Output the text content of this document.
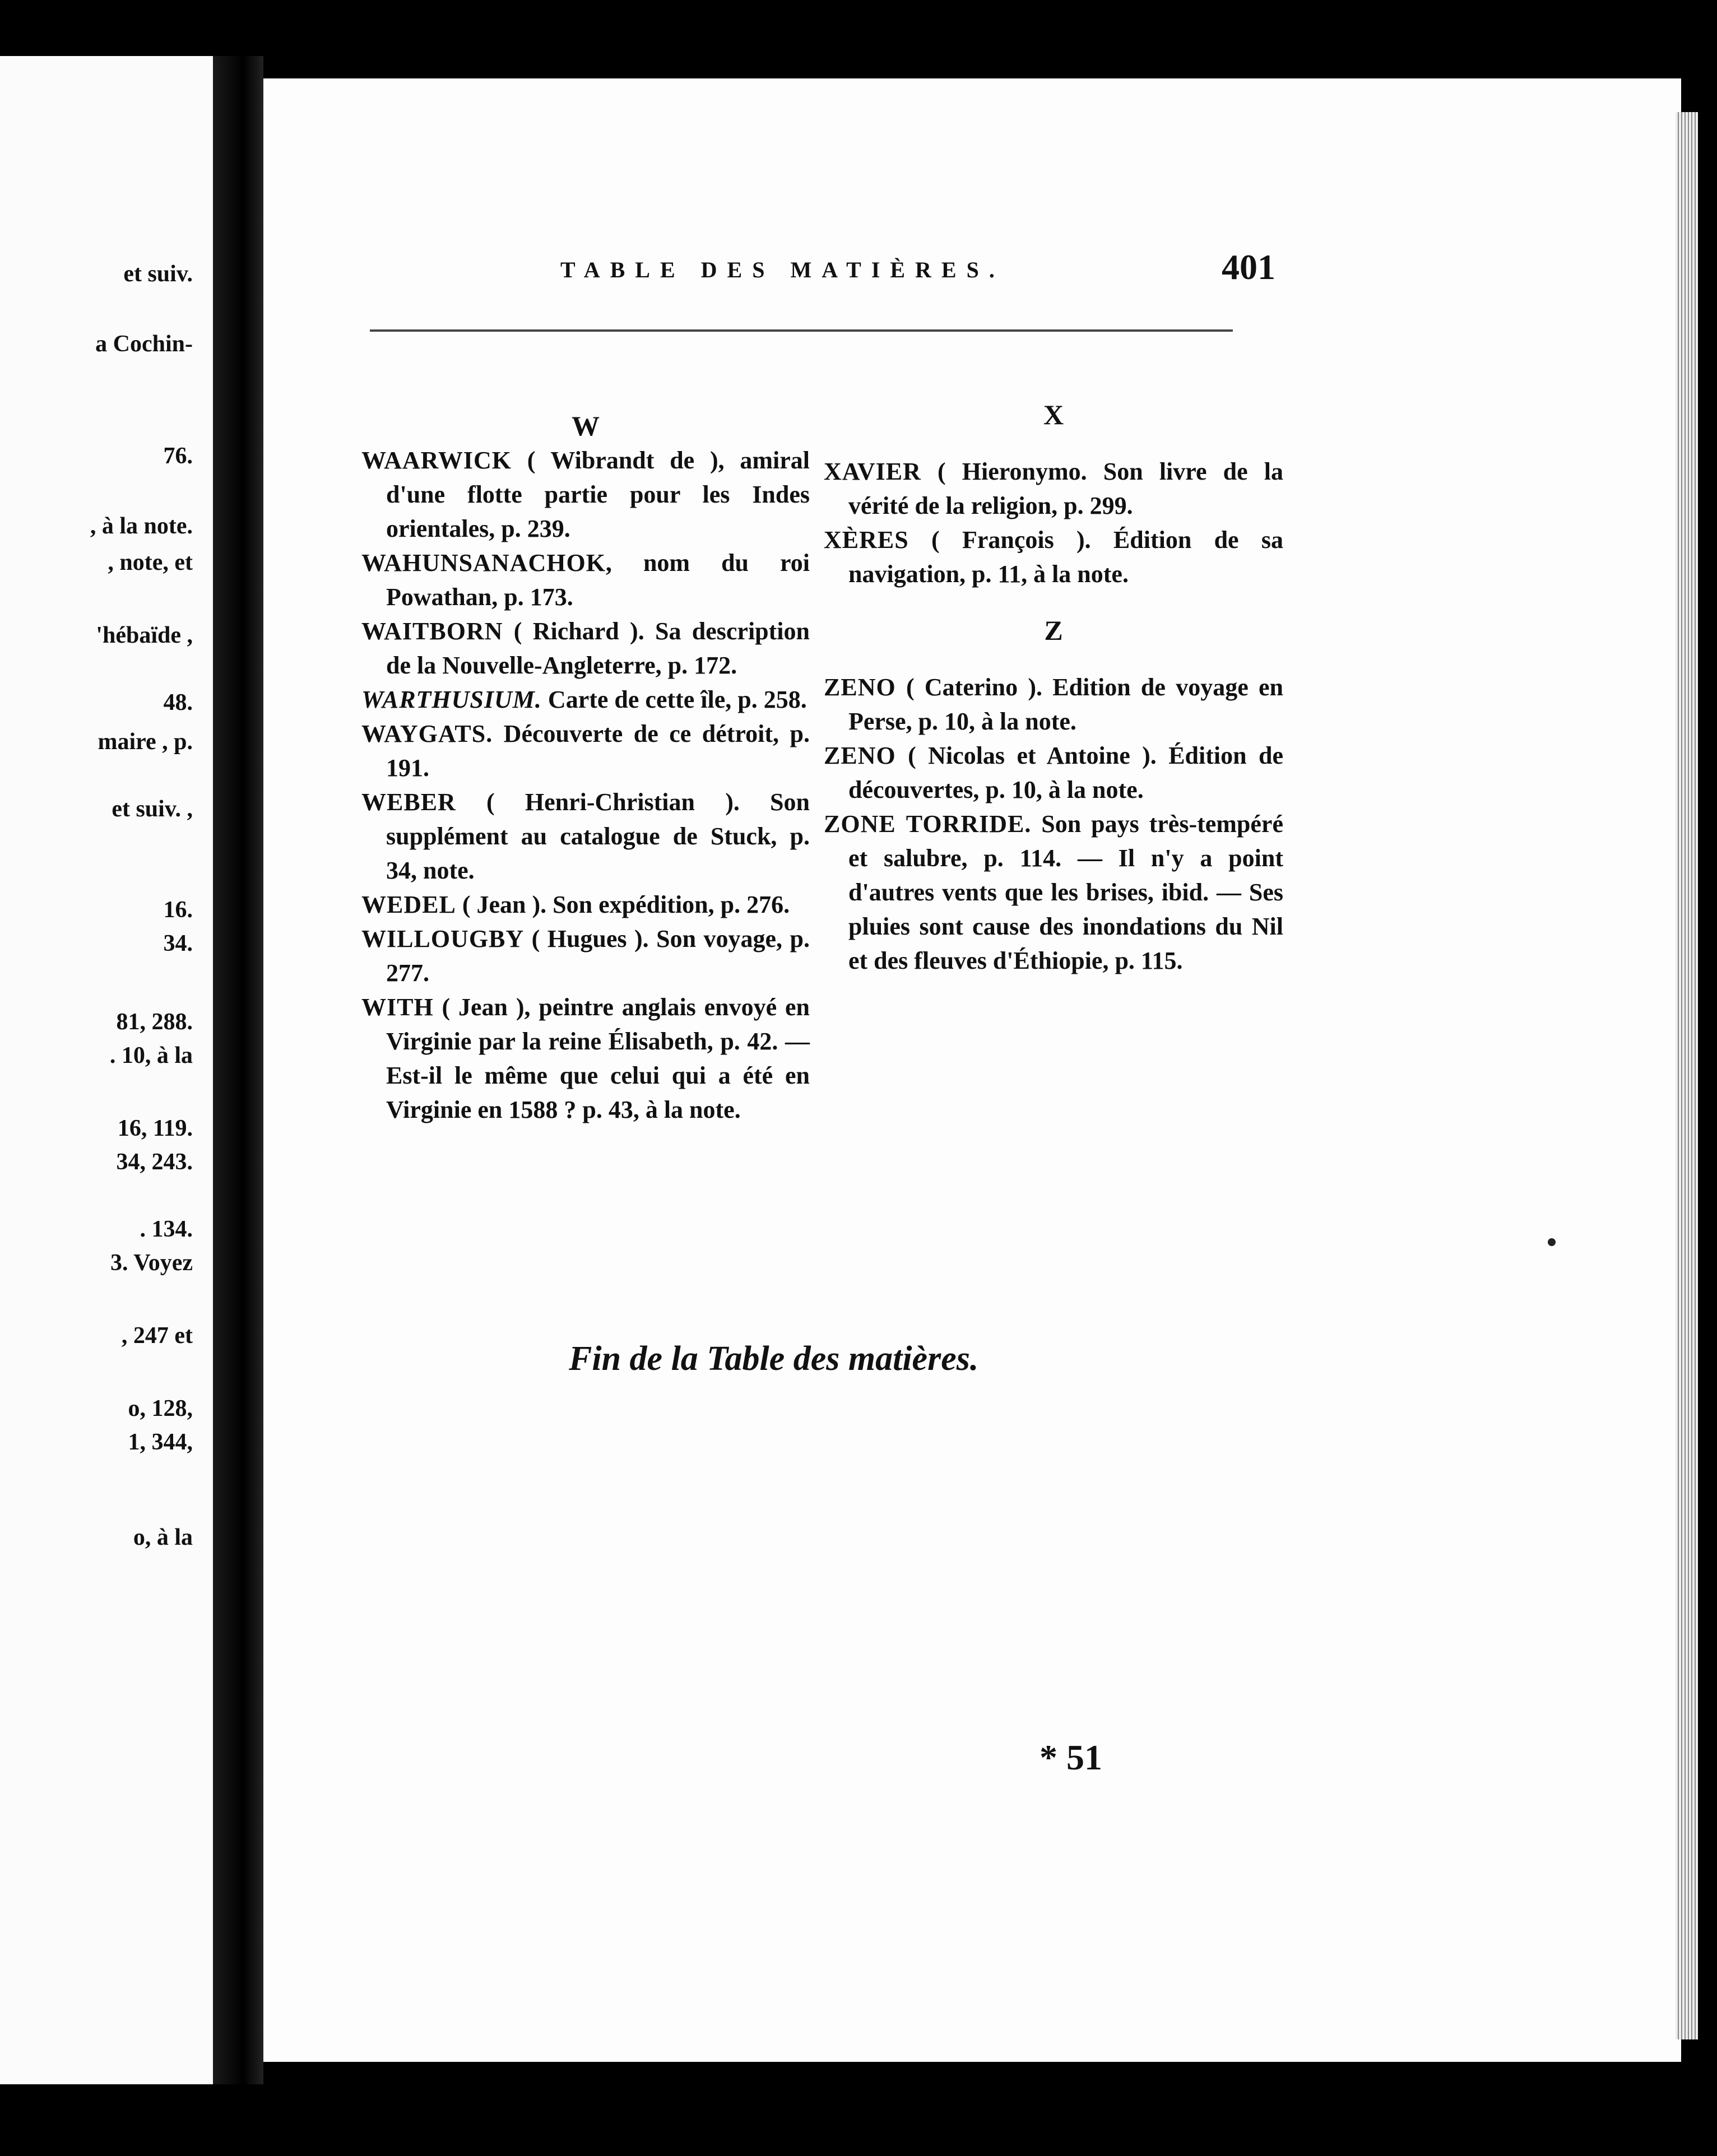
et suiv.
a Cochin-
76.
, à la note.
, note, et
'hébaïde ,
48.
maire , p.
et suiv. ,
16.
34.
81, 288.
. 10, à la
16, 119.
34, 243.
. 134.
3. Voyez
, 247 et
o, 128,
1, 344,
o, à la
TABLE DES MATIÈRES.	401

W

WAARWICK ( Wibrandt de ), amiral d'une flotte partie pour les Indes orientales, p. 239.

WAHUNSANACHOK, nom du roi Powathan, p. 173.

WAITBORN ( Richard ). Sa description de la Nouvelle-Angleterre, p. 172.

WARTHUSIUM. Carte de cette île, p. 258.

WAYGATS. Découverte de ce détroit, p. 191.

WEBER ( Henri-Christian ). Son supplément au catalogue de Stuck, p. 34, note.

WEDEL ( Jean ). Son expédition, p. 276.

WILLOUGBY ( Hugues ). Son voyage, p. 277.

WITH ( Jean ), peintre anglais envoyé en Virginie par la reine Élisabeth, p. 42. — Est-il le même que celui qui a été en Virginie en 1588 ? p. 43, à la note.

X

XAVIER ( Hieronymo. Son livre de la vérité de la religion, p. 299.

XÈRES ( François ). Édition de sa navigation, p. 11, à la note.

Z

ZENO ( Caterino ). Edition de voyage en Perse, p. 10, à la note.

ZENO ( Nicolas et Antoine ). Édition de découvertes, p. 10, à la note.

ZONE TORRIDE. Son pays très-tempéré et salubre, p. 114. — Il n'y a point d'autres vents que les brises, ibid. — Ses pluies sont cause des inondations du Nil et des fleuves d'Éthiopie, p. 115.

Fin de la Table des matières.
* 51
